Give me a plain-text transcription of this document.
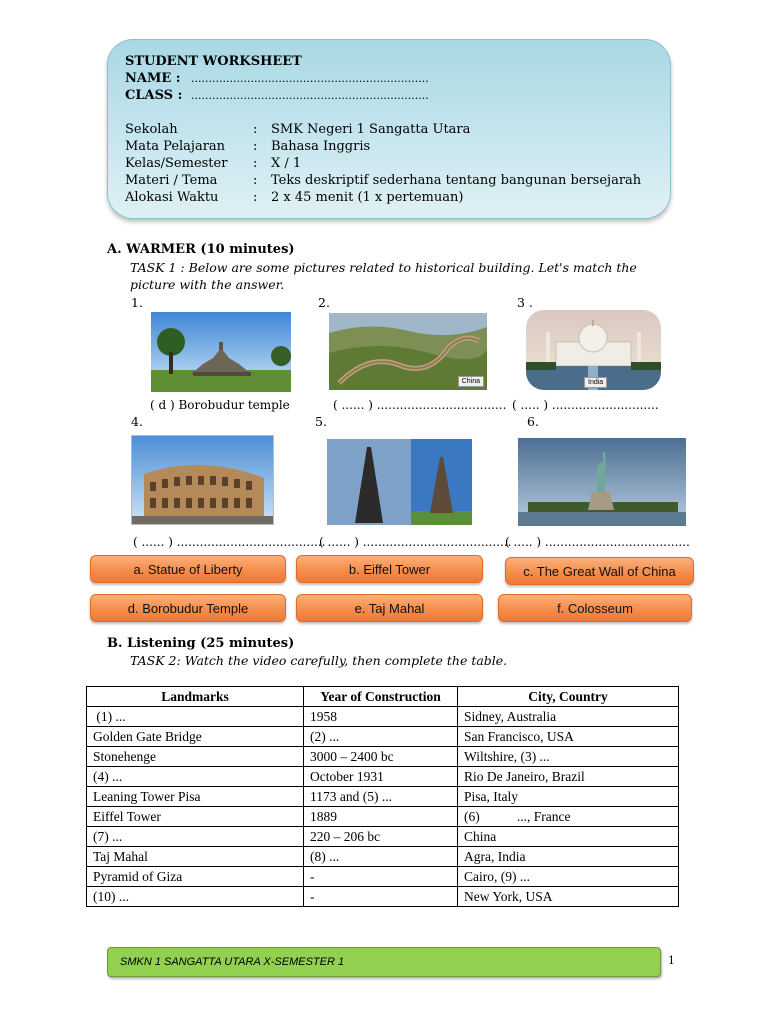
STUDENT WORKSHEET
NAME : ....................................................................
CLASS : ....................................................................
Sekolah	: SMK Negeri 1 Sangatta Utara
Mata Pelajaran : Bahasa Inggris
Kelas/Semester : X / 1
Materi / Tema	: Teks deskriptif sederhana tentang bangunan bersejarah
Alokasi Waktu	: 2 x 45 menit (1 x pertemuan)
A. WARMER (10 minutes)
TASK 1 : Below are some pictures related to historical building. Let's match the
picture with the answer.
1.	2.	3 .
China	India
( d ) Borobudur temple	( ...... ) .................................. ( ..... ) ............................
4.	5.	6.
( ...... ) .......................................
( ...... ) .......................................
( ..... ) ......................................
a. Statue of Liberty	b. Eiffel Tower	c. The Great Wall of China
d. Borobudur Temple	e. Taj Mahal	f. Colosseum
B. Listening (25 minutes)
TASK 2: Watch the video carefully, then complete the table.
Landmarks	Year of Construction	City, Country
(1) ...	1958	Sidney, Australia
Golden Gate Bridge	(2) ...	San Francisco, USA
Stonehenge	3000 – 2400 bc	Wiltshire, (3) ...
(4) ...	October 1931	Rio De Janeiro, Brazil
Leaning Tower Pisa	1173 and (5) ...	Pisa, Italy
Eiffel Tower	1889	(6)           ..., France
(7) ...	220 – 206 bc	China
Taj Mahal	(8) ...	Agra, India
Pyramid of Giza	-	Cairo, (9) ...
(10) ...	-	New York, USA
SMKN 1 SANGATTA UTARA X-SEMESTER 1	1
